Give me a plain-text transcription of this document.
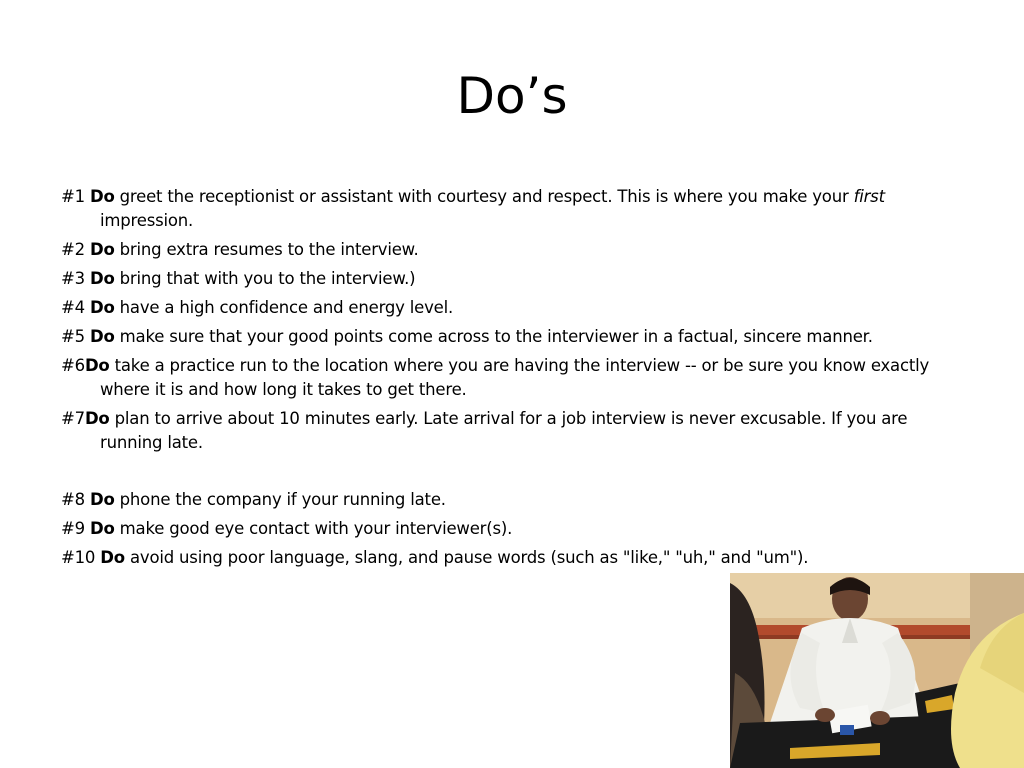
Do’s
#1 Do greet the receptionist or assistant with courtesy and respect. This is where you make your first impression.
#2 Do bring extra resumes to the interview.
#3 Do bring that with you to the interview.)
#4 Do have a high confidence and energy level.
#5 Do make sure that your good points come across to the interviewer in a factual, sincere manner.
#6Do take a practice run to the location where you are having the interview -- or be sure you know exactly where it is and how long it takes to get there.
#7Do plan to arrive about 10 minutes early. Late arrival for a job interview is never excusable. If you are running late.
#8 Do phone the company if your running late.
#9 Do make good eye contact with your interviewer(s).
#10 Do avoid using poor language, slang, and pause words (such as "like," "uh," and "um").
